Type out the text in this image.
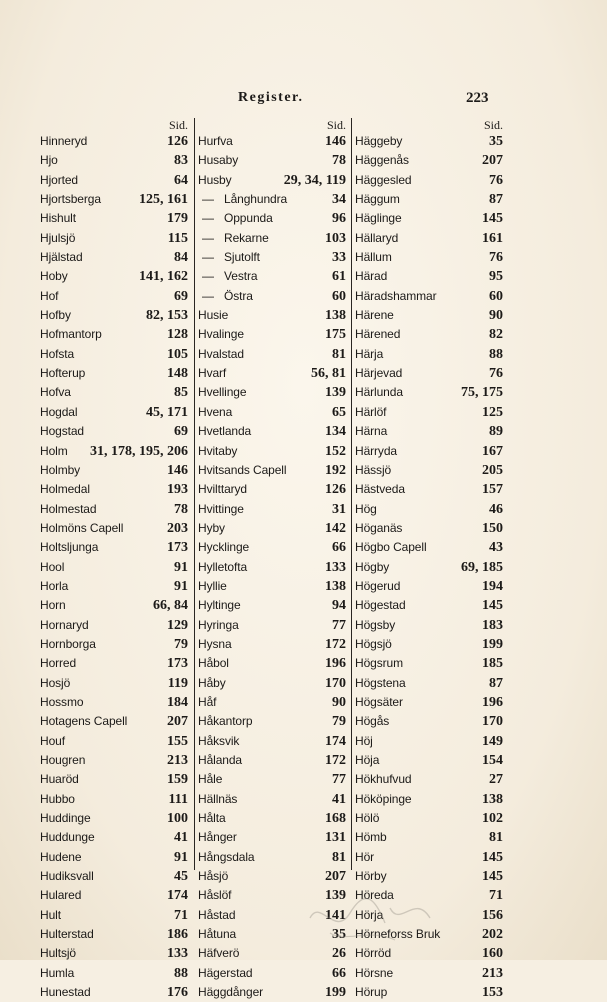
Register.	223
Sid.
Hinneryd	126
Hjo	83
Hjorted	64
Hjortsberga	125, 161
Hishult	179
Hjulsjö	115
Hjälstad	84
Hoby	141, 162
Hof	69
Hofby	82, 153
Hofmantorp	128
Hofsta	105
Hofterup	148
Hofva	85
Hogdal	45, 171
Hogstad	69
Holm 31, 178, 195, 206
Holmby	146
Holmedal	193
Holmestad	78
Holmöns Capell	203
Holtsljunga	173
Hool	91
Horla	91
Horn	66, 84
Hornaryd	129
Hornborga	79
Horred	173
Hosjö	119
Hossmo	184
Hotagens Capell	207
Houf	155
Hougren	213
Huaröd	159
Hubbo	111
Huddinge	100
Huddunge	41
Hudene	91
Hudiksvall	45
Hulared	174
Hult	71
Hulterstad	186
Hultsjö	133
Humla	88
Hunestad	176
Sid.
Hurfva	146
Husaby	78
Husby	29, 34, 119
— Långhundra	34
— Oppunda	96
— Rekarne	103
— Sjutolft	33
— Vestra	61
— Östra	60
Husie	138
Hvalinge	175
Hvalstad	81
Hvarf	56, 81
Hvellinge	139
Hvena	65
Hvetlanda	134
Hvitaby	152
Hvitsands Capell	192
Hvilttaryd	126
Hvittinge	31
Hyby	142
Hycklinge	66
Hylletofta	133
Hyllie	138
Hyltinge	94
Hyringa	77
Hysna	172
Håbol	196
Håby	170
Håf	90
Håkantorp	79
Håksvik	174
Hålanda	172
Håle	77
Hällnäs	41
Hålta	168
Hånger	131
Hångsdala	81
Håsjö	207
Håslöf	139
Håstad	141
Håtuna	35
Häfverö	26
Hägerstad	66
Häggdånger	199
Sid.
Häggeby	35
Häggenås	207
Häggesled	76
Häggum	87
Häglinge	145
Hällaryd	161
Hällum	76
Härad	95
Häradshammar	60
Härene	90
Härened	82
Härja	88
Härjevad	76
Härlunda	75, 175
Härlöf	125
Härna	89
Härryda	167
Hässjö	205
Hästveda	157
Hög	46
Höganäs	150
Högbo Capell	43
Högby	69, 185
Högerud	194
Högestad	145
Högsby	183
Högsjö	199
Högsrum	185
Högstena	87
Högsäter	196
Högås	170
Höj	149
Höja	154
Hökhufvud	27
Hököpinge	138
Hölö	102
Hömb	81
Hör	145
Hörby	145
Höreda	71
Hörja	156
Hörneforss Bruk	202
Hörröd	160
Hörsne	213
Hörup	153
